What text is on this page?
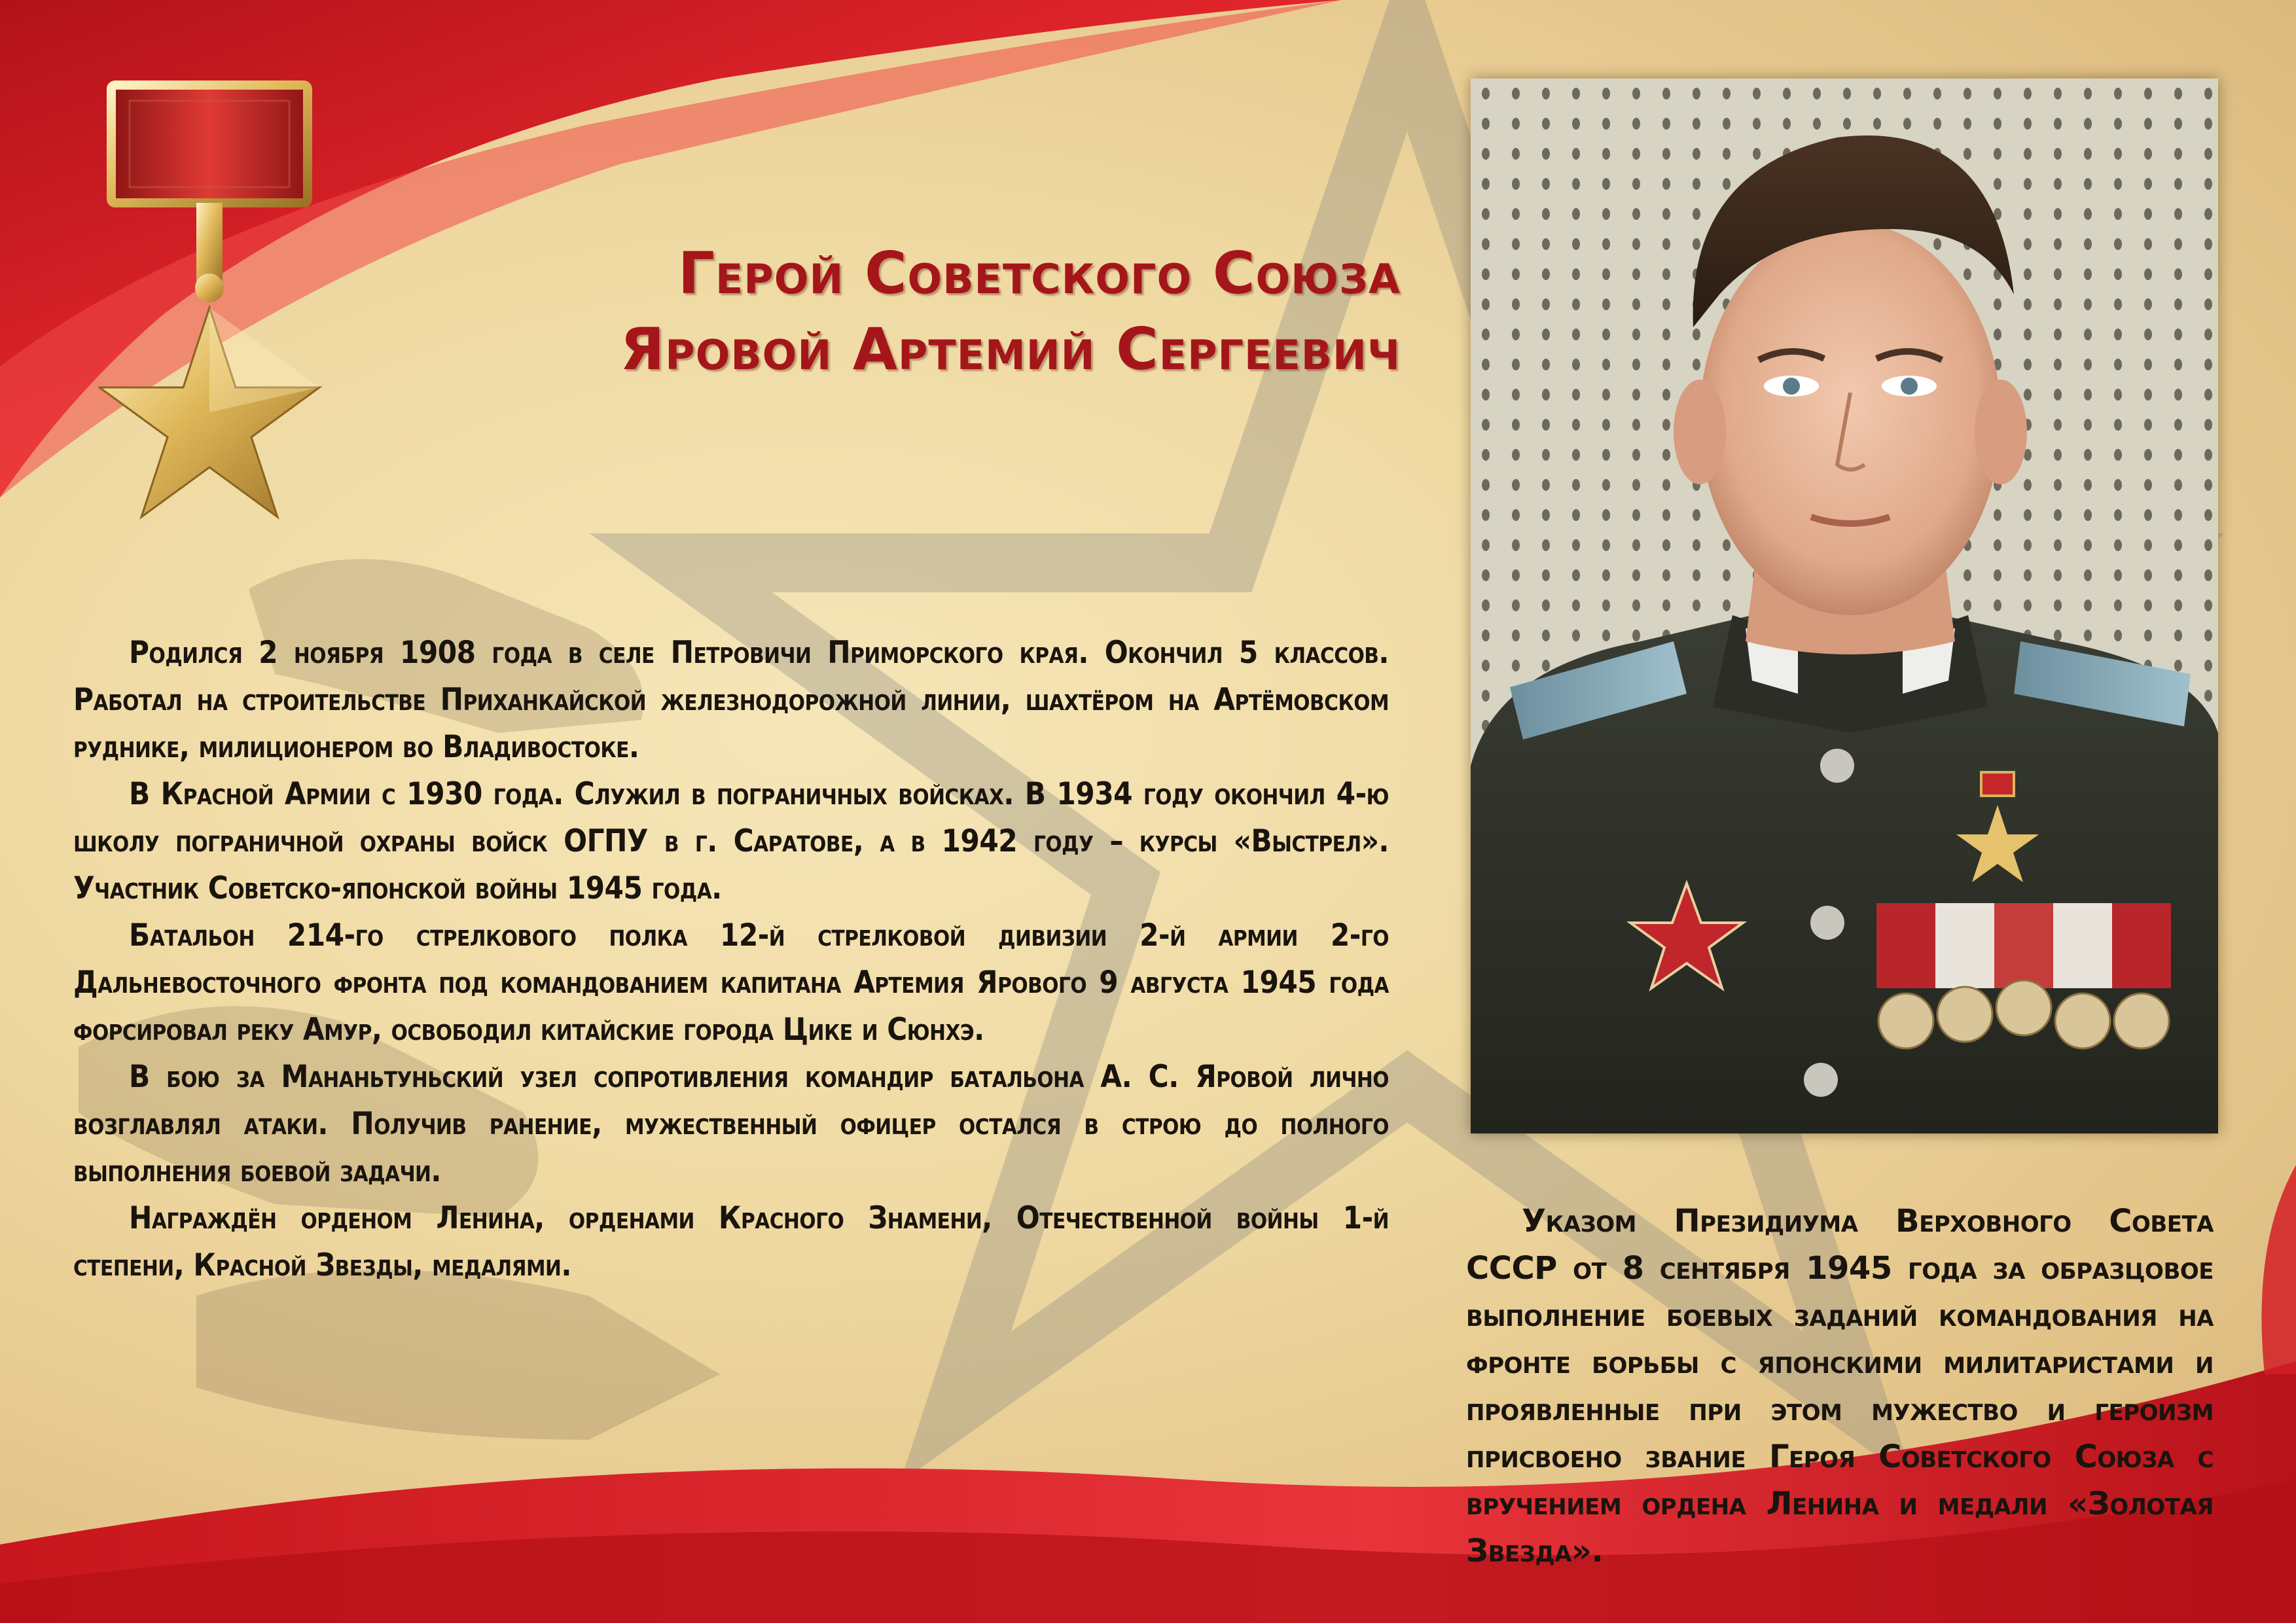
Герой Советского Союза
Яровой Артемий Сергеевич

Родился 2 ноября 1908 года в селе Петровичи Приморского края. Окончил 5 классов. Работал на строительстве Приханкайской железнодорожной линии, шахтёром на Артёмовском руднике, милиционером во Владивостоке.

В Красной Армии с 1930 года. Служил в пограничных войсках. В 1934 году окончил 4-ю школу пограничной охраны войск ОГПУ в г. Саратове, а в 1942 году – курсы «Выстрел». Участник Советско-японской войны 1945 года.

Батальон 214-го стрелкового полка 12-й стрелковой дивизии 2-й армии 2-го Дальневосточного фронта под командованием капитана Артемия Ярового 9 августа 1945 года форсировал реку Амур, освободил китайские города Цике и Сюнхэ.

В бою за Мананьтуньский узел сопротивления командир батальона А. С. Яровой лично возглавлял атаки. Получив ранение, мужественный офицер остался в строю до полного выполнения боевой задачи.

Награждён орденом Ленина, орденами Красного Знамени, Отечественной войны 1-й степени, Красной Звезды, медалями.

Указом Президиума Верховного Совета СССР от 8 сентября 1945 года за образцовое выполнение боевых заданий командования на фронте борьбы с японскими милитаристами и проявленные при этом мужество и героизм присвоено звание Героя Советского Союза с вручением ордена Ленина и медали «Золотая Звезда».
